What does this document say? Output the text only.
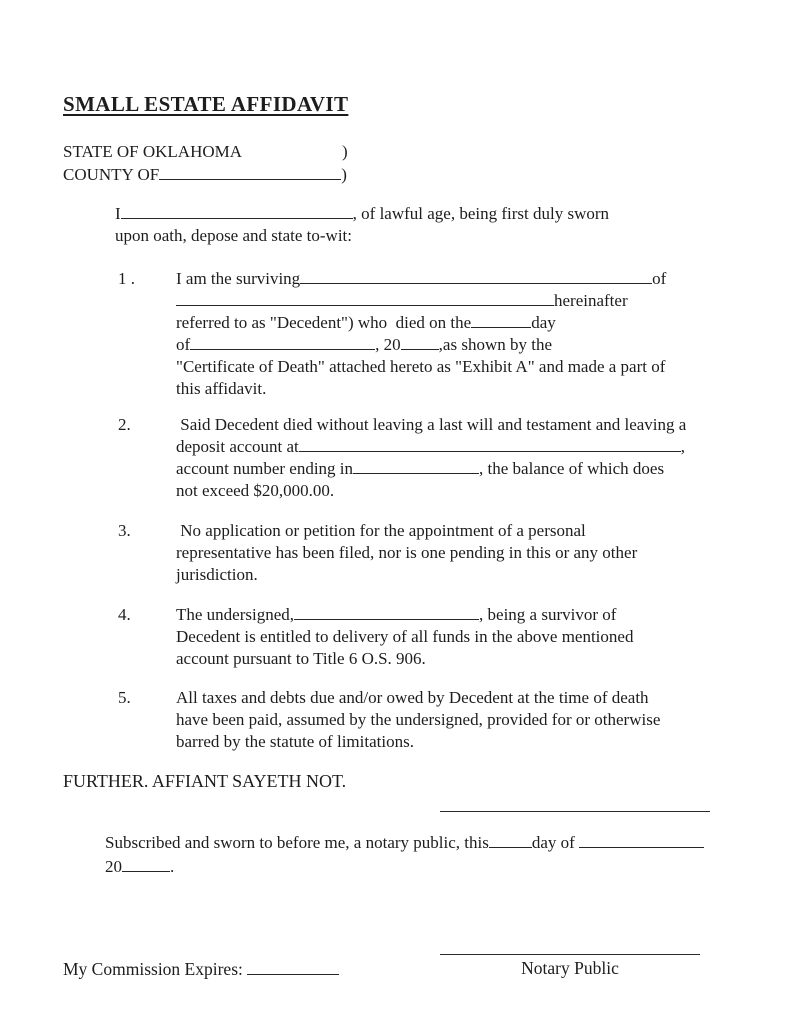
SMALL ESTATE AFFIDAVIT
STATE OF OKLAHOMA	)
COUNTY OF	)
I	, of lawful age, being first duly sworn
upon oath, depose and state to-wit:
1 . I am the surviving	of
hereinafter
referred to as "Decedent") who  died on the	day
of	, 20 ,as shown by the
"Certificate of Death" attached hereto as "Exhibit A" and made a part of
this affidavit.
2.	Said Decedent died without leaving a last will and testament and leaving a
deposit account at	,
account number ending in	, the balance of which does
not exceed $20,000.00.
3.	No application or petition for the appointment of a personal
representative has been filed, nor is one pending in this or any other
jurisdiction.
4.	The undersigned,	, being a survivor of
Decedent is entitled to delivery of all funds in the above mentioned
account pursuant to Title 6 O.S. 906.
5.	All taxes and debts due and/or owed by Decedent at the time of death
have been paid, assumed by the undersigned, provided for or otherwise
barred by the statute of limitations.
FURTHER. AFFIANT SAYETH NOT.
Subscribed and sworn to before me, a notary public, this	day of
20	.
Notary Public
My Commission Expires:
